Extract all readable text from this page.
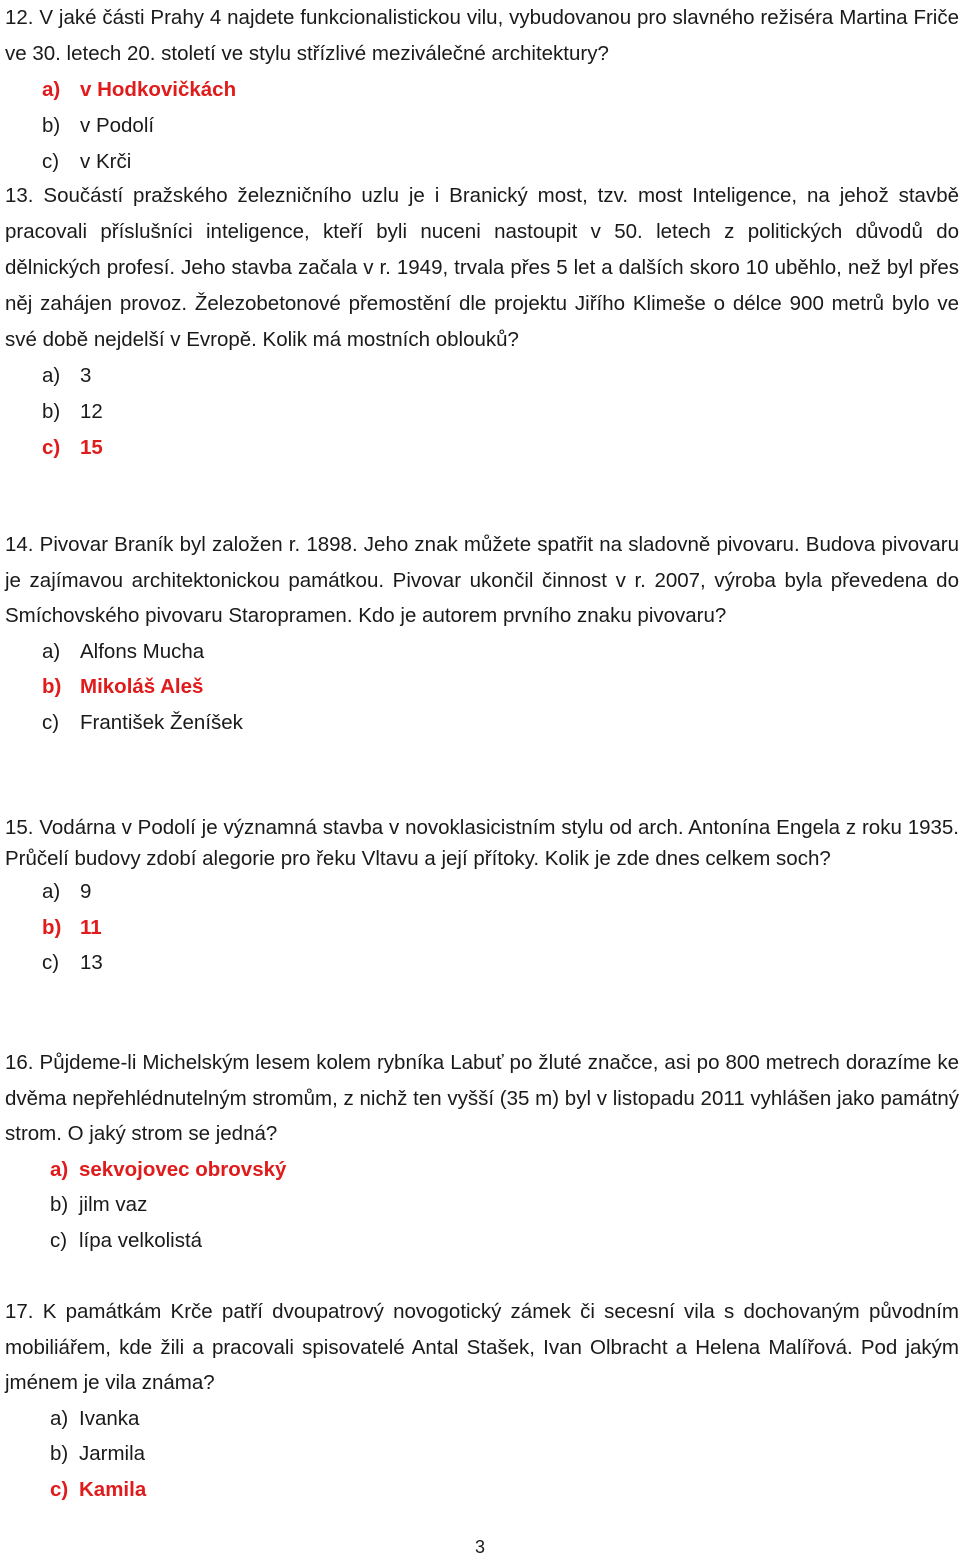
12. V jaké části Prahy 4 najdete funkcionalistickou vilu, vybudovanou pro slavného režiséra Martina Friče ve 30. letech 20. století ve stylu střízlivé meziválečné architektury?

a) v Hodkovičkách
b) v Podolí
c) v Krči

13. Součástí pražského železničního uzlu je i Branický most, tzv. most Inteligence, na jehož stavbě pracovali příslušníci inteligence, kteří byli nuceni nastoupit v 50. letech z politických důvodů do dělnických profesí. Jeho stavba začala v r. 1949, trvala přes 5 let a dalších skoro 10 uběhlo, než byl přes něj zahájen provoz. Železobetonové přemostění dle projektu Jiřího Klimeše o délce 900 metrů bylo ve své době nejdelší v Evropě. Kolik má mostních oblouků?

a) 3
b) 12
c) 15

14. Pivovar Braník byl založen r. 1898. Jeho znak můžete spatřit na sladovně pivovaru. Budova pivovaru je zajímavou architektonickou památkou. Pivovar ukončil činnost v r. 2007, výroba byla převedena do Smíchovského pivovaru Staropramen. Kdo je autorem prvního znaku pivovaru?

a) Alfons Mucha
b) Mikoláš Aleš
c) František Ženíšek

15. Vodárna v Podolí je významná stavba v novoklasicistním stylu od arch. Antonína Engela z roku 1935. Průčelí budovy zdobí alegorie pro řeku Vltavu a její přítoky. Kolik je zde dnes celkem soch?

a) 9
b) 11
c) 13

16. Půjdeme-li Michelským lesem kolem rybníka Labuť po žluté značce, asi po 800 metrech dorazíme ke dvěma nepřehlédnutelným stromům, z nichž ten vyšší (35 m) byl v listopadu 2011 vyhlášen jako památný strom. O jaký strom se jedná?

a) sekvojovec obrovský
b) jilm vaz
c) lípa velkolistá

17. K památkám Krče patří dvoupatrový novogotický zámek či secesní vila s dochovaným původním mobiliářem, kde žili a pracovali spisovatelé Antal Stašek, Ivan Olbracht a Helena Malířová. Pod jakým jménem je vila známa?

a) Ivanka
b) Jarmila
c) Kamila
3
